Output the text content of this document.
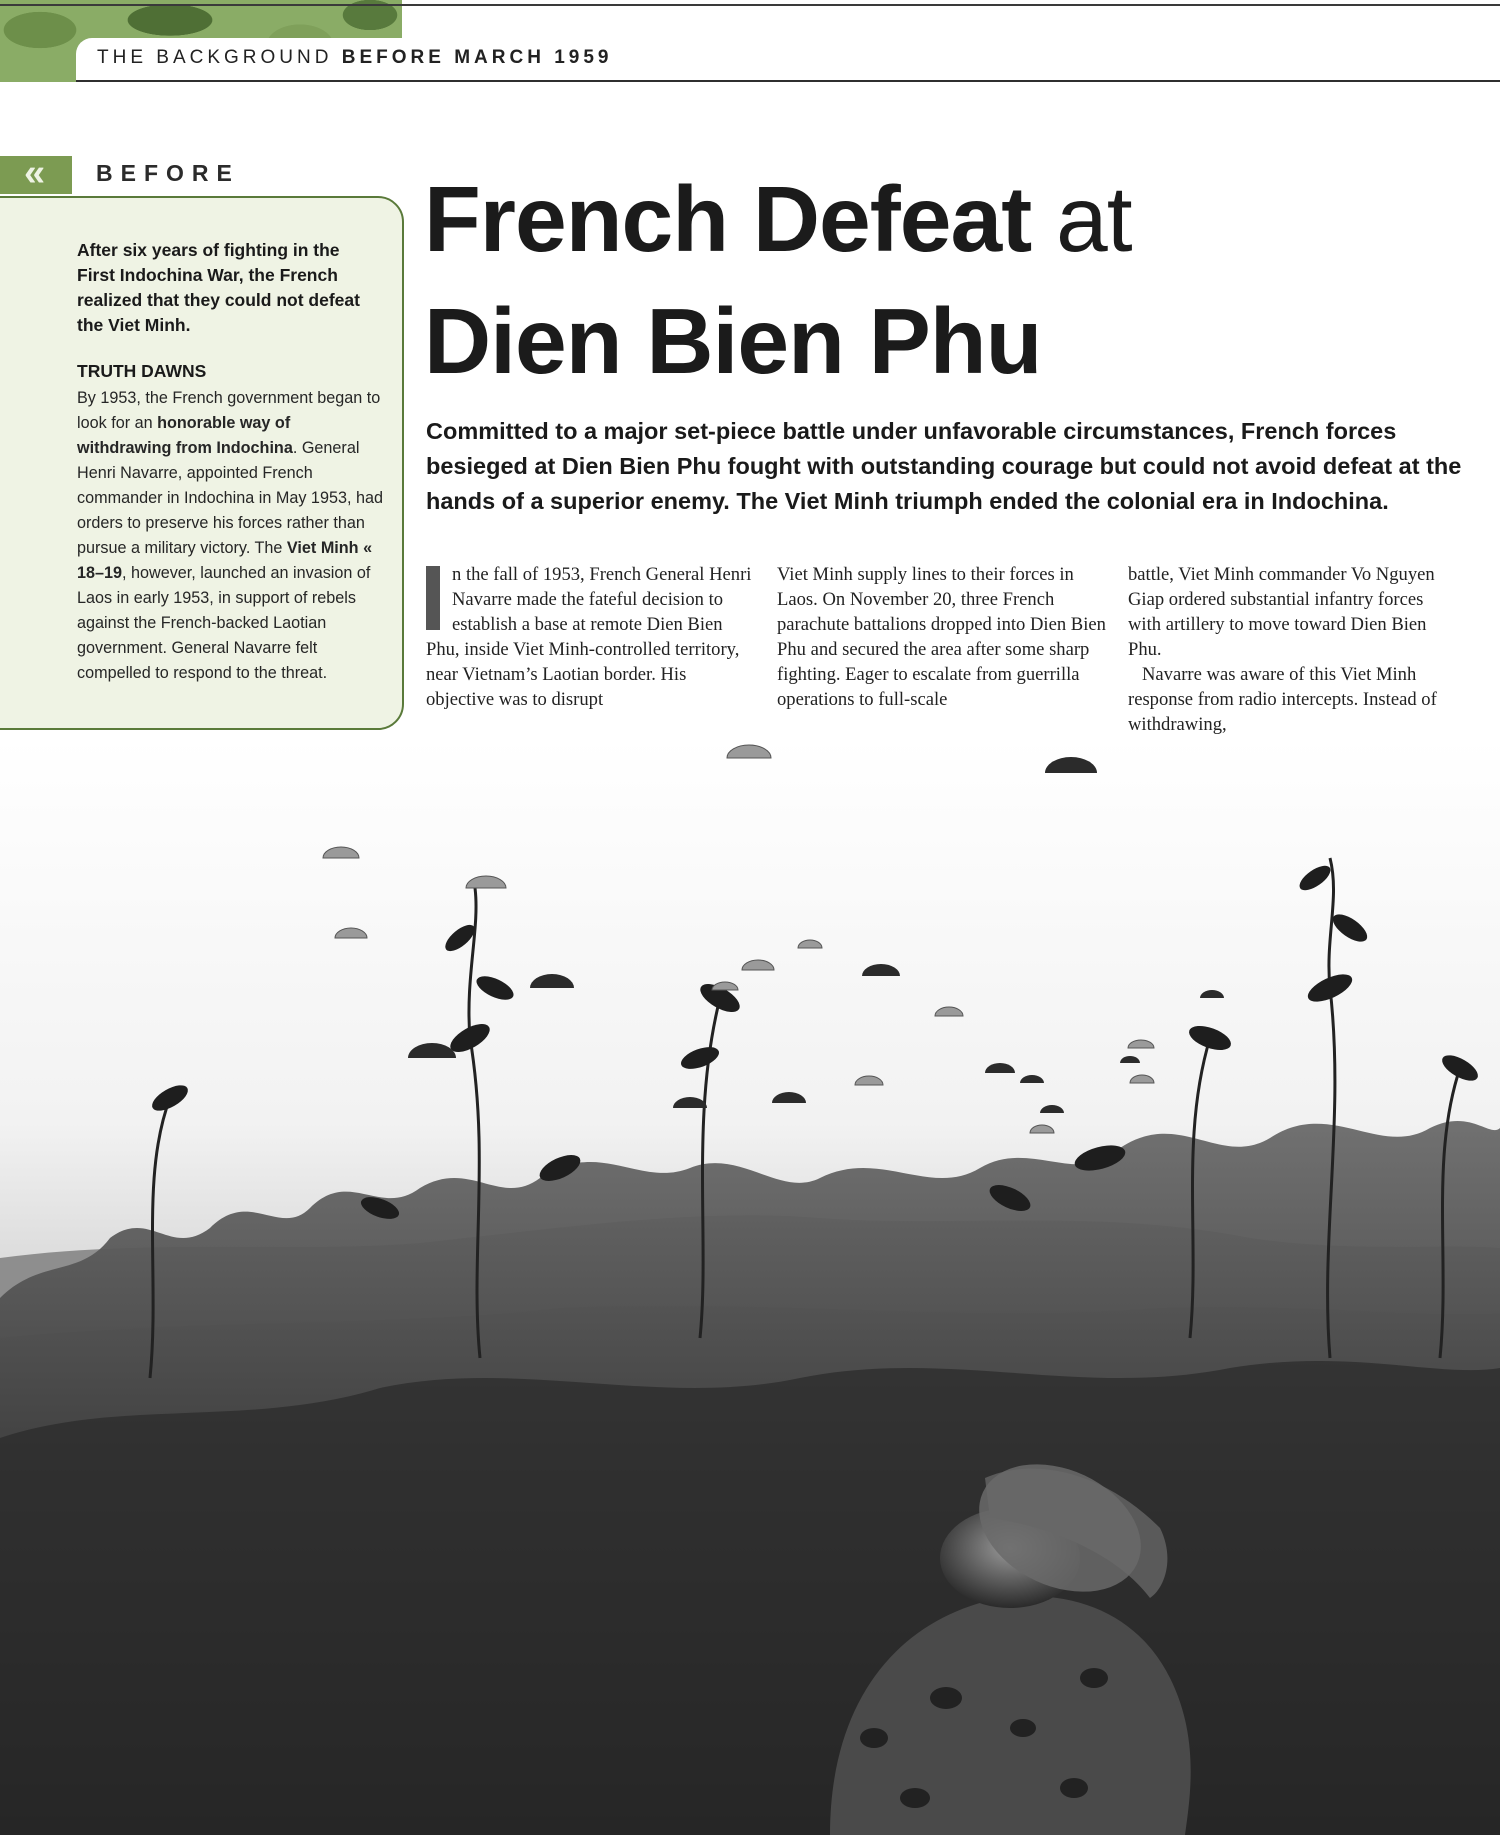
THE BACKGROUND BEFORE MARCH 1959
« BEFORE
After six years of fighting in the First Indochina War, the French realized that they could not defeat the Viet Minh.
TRUTH DAWNS
By 1953, the French government began to look for an honorable way of withdrawing from Indochina. General Henri Navarre, appointed French commander in Indochina in May 1953, had orders to preserve his forces rather than pursue a military victory. The Viet Minh « 18–19, however, launched an invasion of Laos in early 1953, in support of rebels against the French-backed Laotian government. General Navarre felt compelled to respond to the threat.
French Defeat at
Dien Bien Phu
Committed to a major set-piece battle under unfavorable circumstances, French forces besieged at Dien Bien Phu fought with outstanding courage but could not avoid defeat at the hands of a superior enemy. The Viet Minh triumph ended the colonial era in Indochina.
n the fall of 1953, French General Henri Navarre made the fateful decision to establish a base at remote Dien Bien Phu, inside Viet Minh-controlled territory, near Vietnam’s Laotian border. His objective was to disrupt
Viet Minh supply lines to their forces in Laos. On November 20, three French parachute battalions dropped into Dien Bien Phu and secured the area after some sharp fighting. Eager to escalate from guerrilla operations to full-scale
battle, Viet Minh commander Vo Nguyen Giap ordered substantial infantry forces with artillery to move toward Dien Bien Phu.
Navarre was aware of this Viet Minh response from radio intercepts. Instead of withdrawing,
